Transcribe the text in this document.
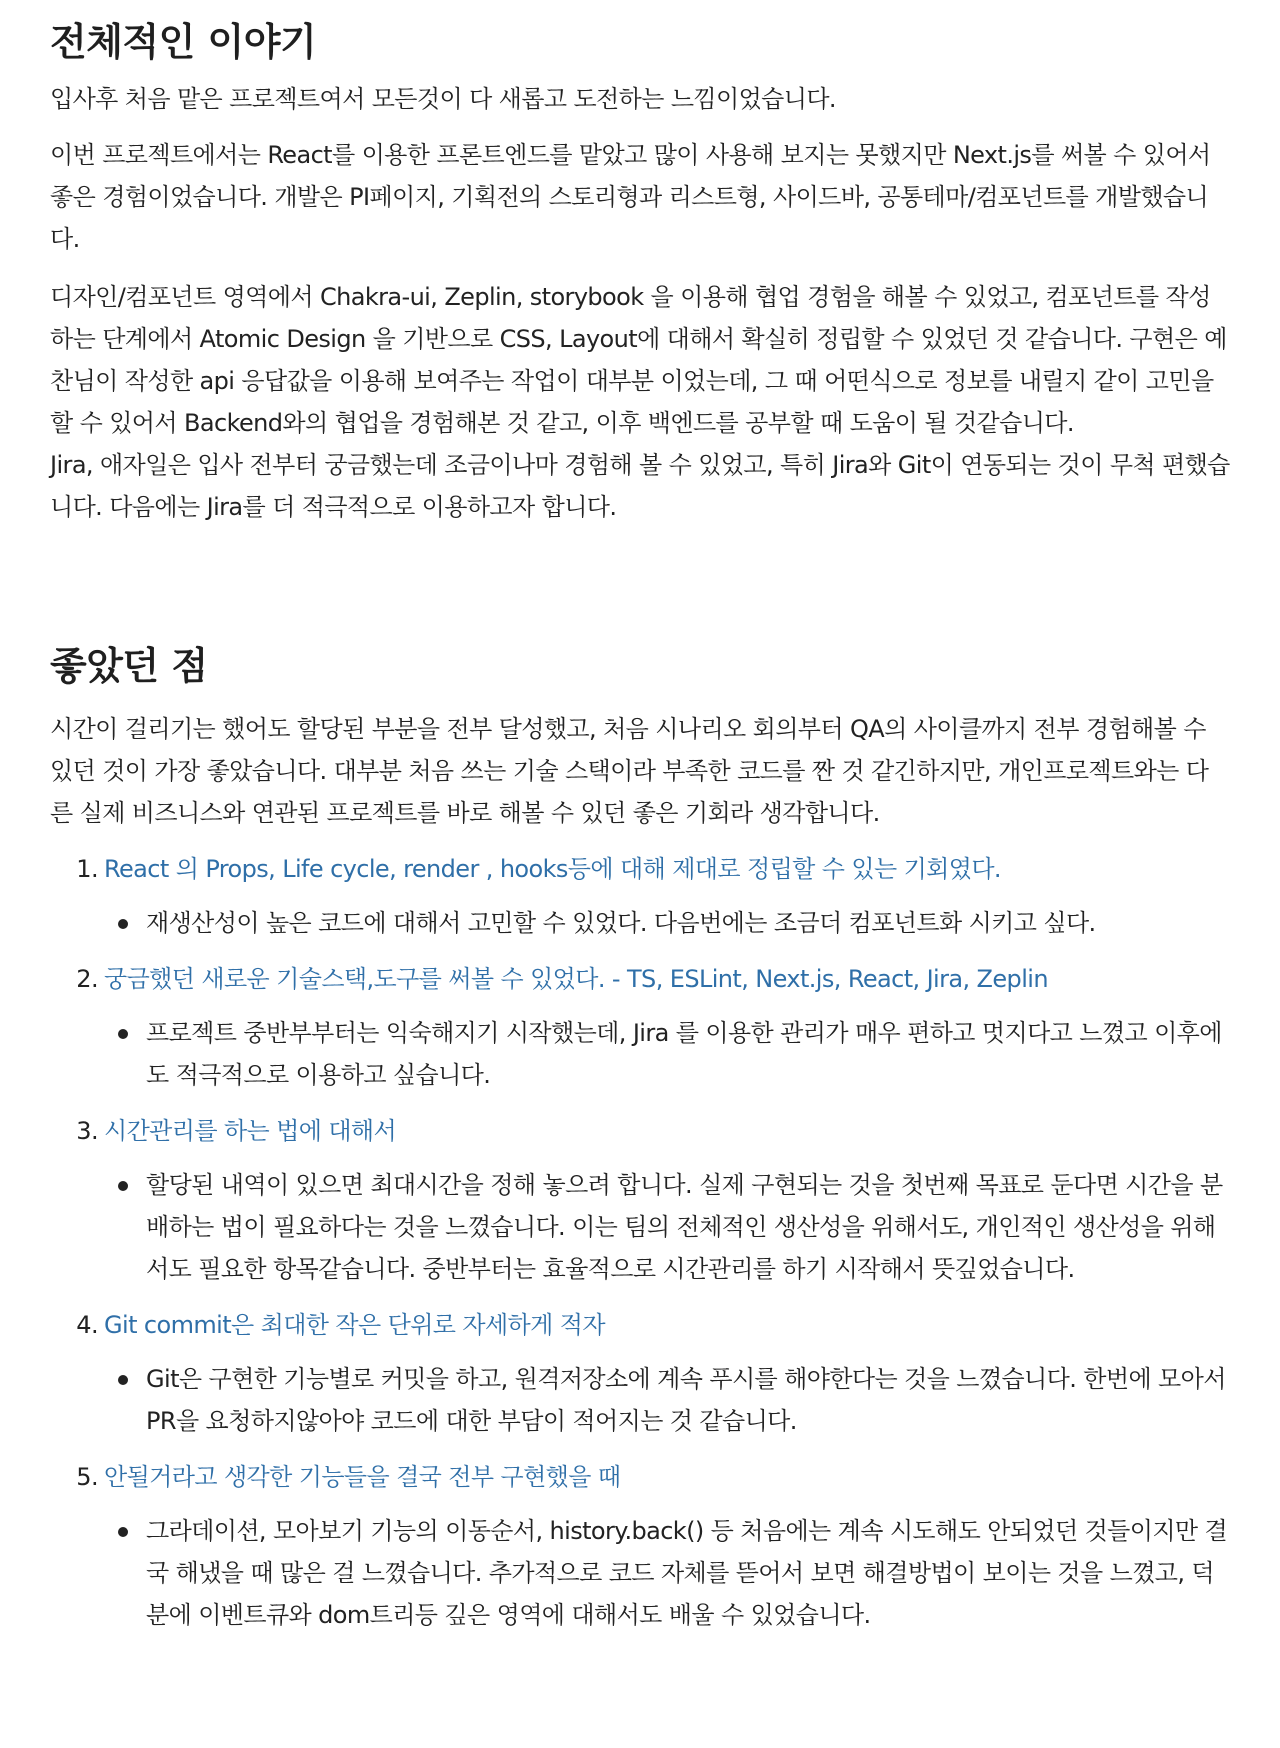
전체적인 이야기

입사후 처음 맡은 프로젝트여서 모든것이 다 새롭고 도전하는 느낌이었습니다.

이번 프로젝트에서는 React를 이용한 프론트엔드를 맡았고 많이 사용해 보지는 못했지만 Next.js를 써볼 수 있어서 좋은 경험이었습니다. 개발은 PI페이지, 기획전의 스토리형과 리스트형, 사이드바, 공통테마/컴포넌트를 개발했습니다.

디자인/컴포넌트 영역에서 Chakra-ui, Zeplin, storybook 을 이용해 협업 경험을 해볼 수 있었고, 컴포넌트를 작성하는 단계에서 Atomic Design 을 기반으로 CSS, Layout에 대해서 확실히 정립할 수 있었던 것 같습니다. 구현은 예찬님이 작성한 api 응답값을 이용해 보여주는 작업이 대부분 이었는데, 그 때 어떤식으로 정보를 내릴지 같이 고민을 할 수 있어서 Backend와의 협업을 경험해본 것 같고, 이후 백엔드를 공부할 때 도움이 될 것같습니다.

Jira, 애자일은 입사 전부터 궁금했는데 조금이나마 경험해 볼 수 있었고, 특히 Jira와 Git이 연동되는 것이 무척 편했습니다. 다음에는 Jira를 더 적극적으로 이용하고자 합니다.

좋았던 점

시간이 걸리기는 했어도 할당된 부분을 전부 달성했고, 처음 시나리오 회의부터 QA의 사이클까지 전부 경험해볼 수 있던 것이 가장 좋았습니다. 대부분 처음 쓰는 기술 스택이라 부족한 코드를 짠 것 같긴하지만, 개인프로젝트와는 다른 실제 비즈니스와 연관된 프로젝트를 바로 해볼 수 있던 좋은 기회라 생각합니다.

1. React 의 Props, Life cycle, render , hooks등에 대해 제대로 정립할 수 있는 기회였다.
재생산성이 높은 코드에 대해서 고민할 수 있었다. 다음번에는 조금더 컴포넌트화 시키고 싶다.
2. 궁금했던 새로운 기술스택,도구를 써볼 수 있었다. - TS, ESLint, Next.js, React, Jira, Zeplin
프로젝트 중반부부터는 익숙해지기 시작했는데, Jira 를 이용한 관리가 매우 편하고 멋지다고 느꼈고 이후에도 적극적으로 이용하고 싶습니다.
3. 시간관리를 하는 법에 대해서
할당된 내역이 있으면 최대시간을 정해 놓으려 합니다. 실제 구현되는 것을 첫번째 목표로 둔다면 시간을 분배하는 법이 필요하다는 것을 느꼈습니다. 이는 팀의 전체적인 생산성을 위해서도, 개인적인 생산성을 위해서도 필요한 항목같습니다. 중반부터는 효율적으로 시간관리를 하기 시작해서 뜻깊었습니다.
4. Git commit은 최대한 작은 단위로 자세하게 적자
Git은 구현한 기능별로 커밋을 하고, 원격저장소에 계속 푸시를 해야한다는 것을 느꼈습니다. 한번에 모아서 PR을 요청하지않아야 코드에 대한 부담이 적어지는 것 같습니다.
5. 안될거라고 생각한 기능들을 결국 전부 구현했을 때
그라데이션, 모아보기 기능의 이동순서, history.back() 등 처음에는 계속 시도해도 안되었던 것들이지만 결국 해냈을 때 많은 걸 느꼈습니다. 추가적으로 코드 자체를 뜯어서 보면 해결방법이 보이는 것을 느꼈고, 덕분에 이벤트큐와 dom트리등 깊은 영역에 대해서도 배울 수 있었습니다.
